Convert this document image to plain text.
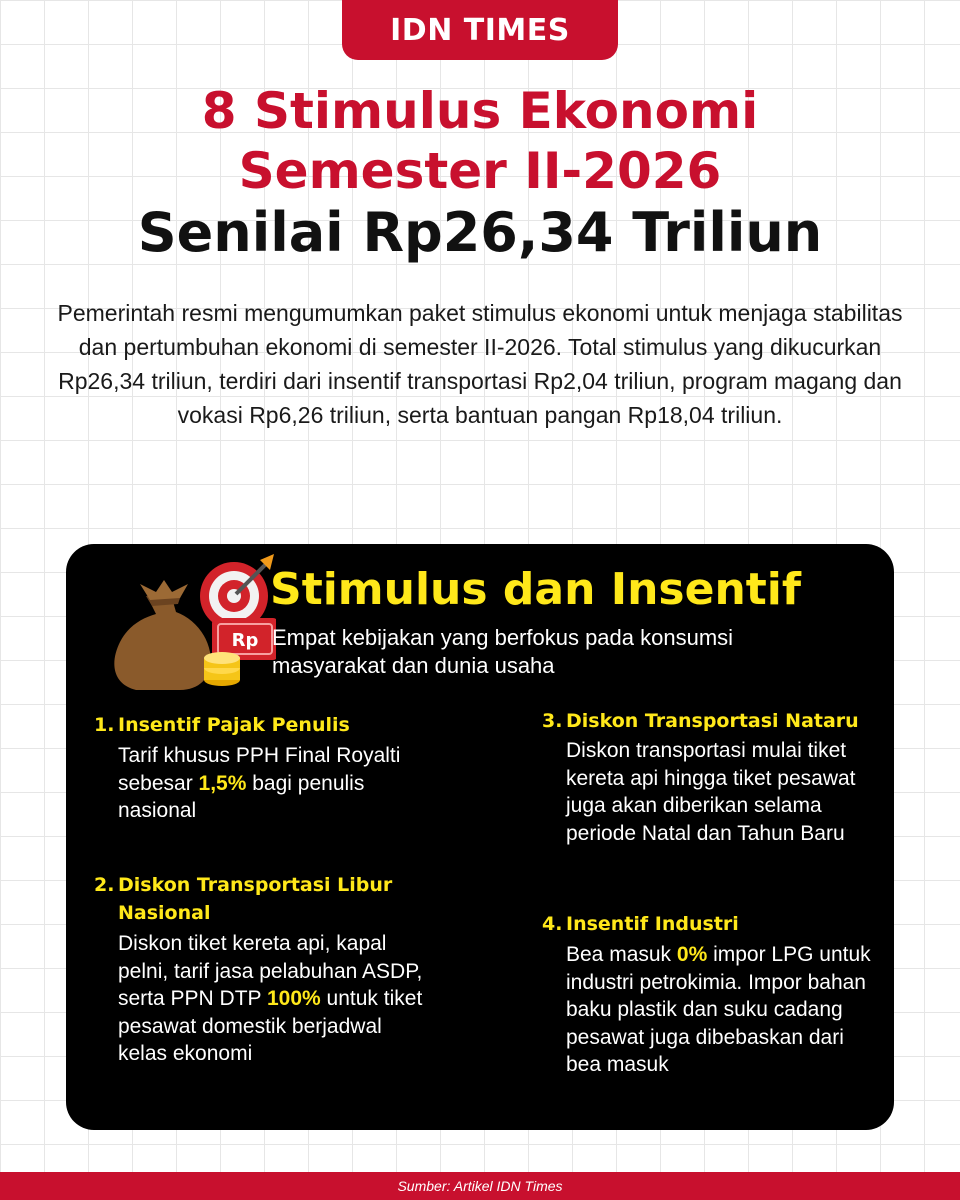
IDN TIMES
8 Stimulus Ekonomi
Semester II-2026
Senilai Rp26,34 Triliun

Pemerintah resmi mengumumkan paket stimulus ekonomi untuk menjaga stabilitas dan pertumbuhan ekonomi di semester II-2026. Total stimulus yang dikucurkan Rp26,34 triliun, terdiri dari insentif transportasi Rp2,04 triliun, program magang dan vokasi Rp6,26 triliun, serta bantuan pangan Rp18,04 triliun.

Rp
Stimulus dan Insentif

Empat kebijakan yang berfokus pada konsumsi masyarakat dan dunia usaha

1. Insentif Pajak Penulis

Tarif khusus PPH Final Royalti sebesar 1,5% bagi penulis nasional

2. Diskon Transportasi Libur Nasional

Diskon tiket kereta api, kapal pelni, tarif jasa pelabuhan ASDP, serta PPN DTP 100% untuk tiket pesawat domestik berjadwal kelas ekonomi

3. Diskon Transportasi Nataru

Diskon transportasi mulai tiket kereta api hingga tiket pesawat juga akan diberikan selama periode Natal dan Tahun Baru

4. Insentif Industri

Bea masuk 0% impor LPG untuk industri petrokimia. Impor bahan baku plastik dan suku cadang pesawat juga dibebaskan dari bea masuk

Sumber: Artikel IDN Times
